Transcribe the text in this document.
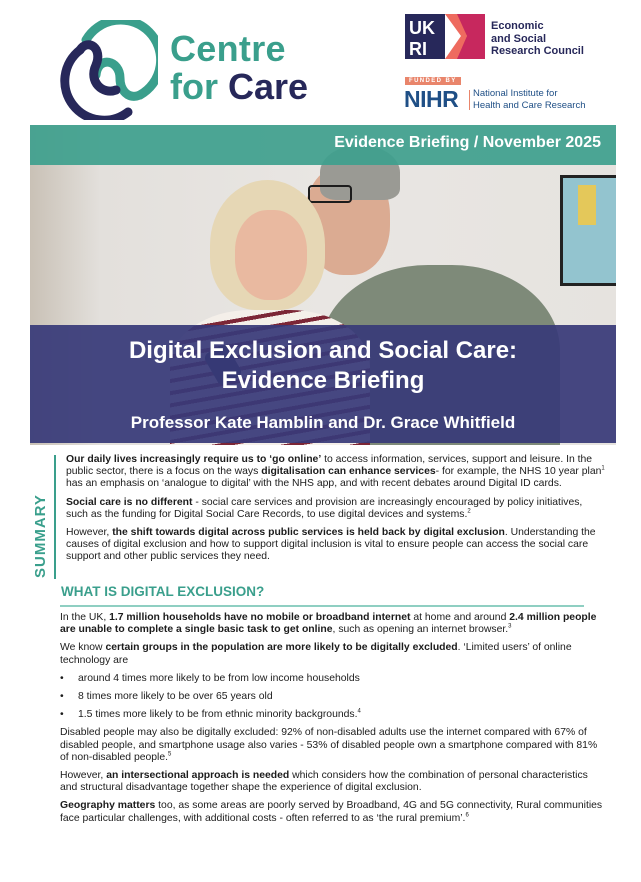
Centre
for Care
UK
RI
Economic
and Social
Research Council
FUNDED BY
NIHR National Institute for
Health and Care Research
Evidence Briefing / November 2025
Digital Exclusion and Social Care:
Evidence Briefing
Professor Kate Hamblin and Dr. Grace Whitfield
SUMMARY

Our daily lives increasingly require us to ‘go online’ to access information, services, support and leisure. In the public sector, there is a focus on the ways digitalisation can enhance services- for example, the NHS 10 year plan$^1$ has an emphasis on ‘analogue to digital’ with the NHS app, and with recent debates around Digital ID cards.

Social care is no different - social care services and provision are increasingly encouraged by policy initiatives, such as the funding for Digital Social Care Records, to use digital devices and systems.$^2$

However, the shift towards digital across public services is held back by digital exclusion. Understanding the causes of digital exclusion and how to support digital inclusion is vital to ensure people can access the social care support and other public services they need.

WHAT IS DIGITAL EXCLUSION?

In the UK, 1.7 million households have no mobile or broadband internet at home and around 2.4 million people are unable to complete a single basic task to get online, such as opening an internet browser.$^3$

We know certain groups in the population are more likely to be digitally excluded. ‘Limited users’ of online technology are

• around 4 times more likely to be from low income households
• 8 times more likely to be over 65 years old
• 1.5 times more likely to be from ethnic minority backgrounds.$^4$

Disabled people may also be digitally excluded: 92% of non-disabled adults use the internet compared with 67% of disabled people, and smartphone usage also varies - 53% of disabled people own a smartphone compared with 81% of non-disabled people.$^5$

However, an intersectional approach is needed which considers how the combination of personal characteristics and structural disadvantage together shape the experience of digital exclusion.

Geography matters too, as some areas are poorly served by Broadband, 4G and 5G connectivity, Rural communities face particular challenges, with additional costs - often referred to as ‘the rural premium’.$^6$
